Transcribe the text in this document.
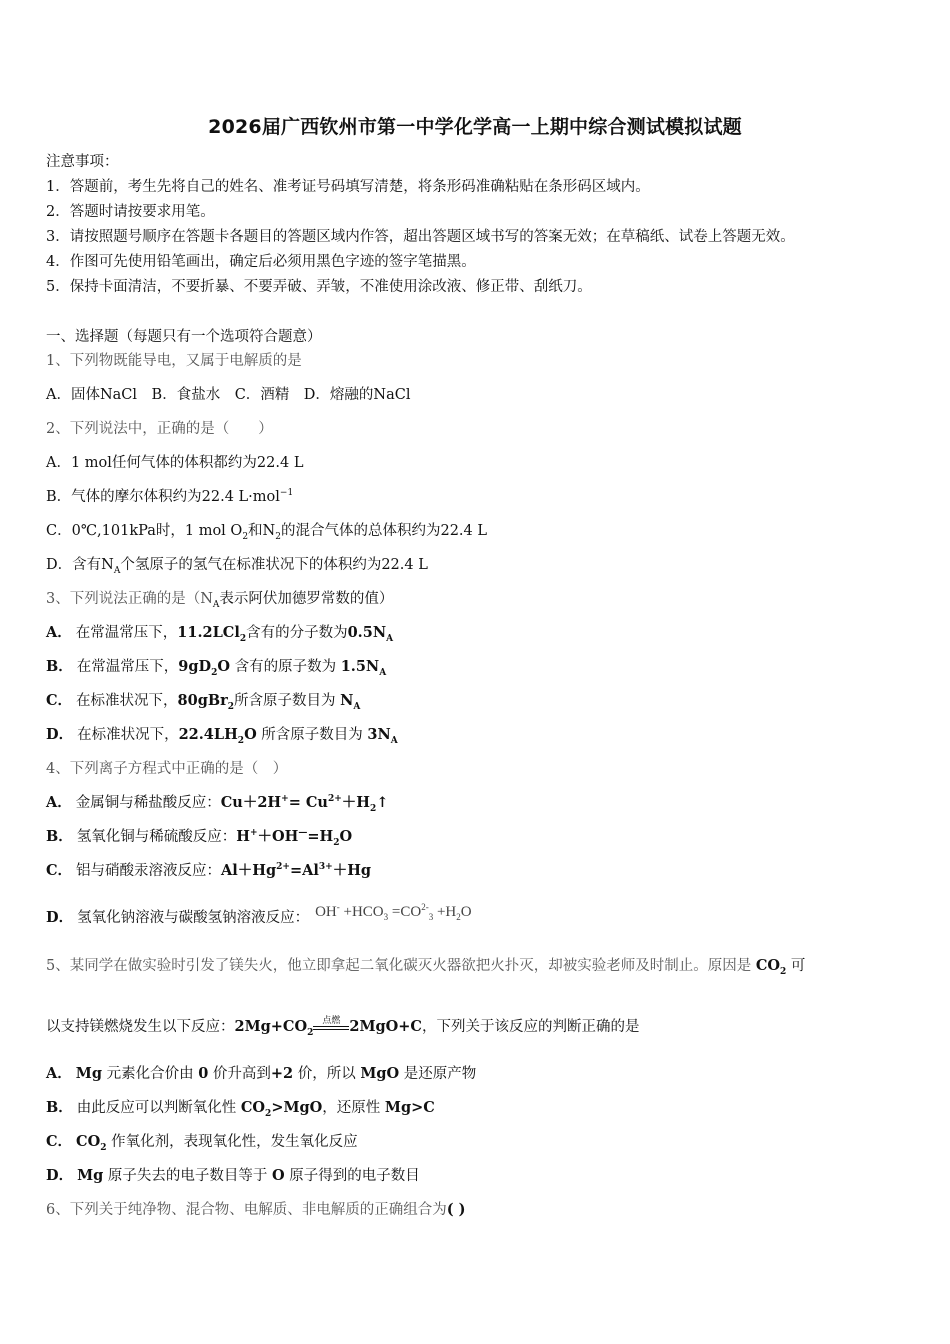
2026届广西钦州市第一中学化学高一上期中综合测试模拟试题
注意事项：
1．答题前，考生先将自己的姓名、准考证号码填写清楚，将条形码准确粘贴在条形码区域内。
2．答题时请按要求用笔。
3．请按照题号顺序在答题卡各题目的答题区域内作答，超出答题区域书写的答案无效；在草稿纸、试卷上答题无效。
4．作图可先使用铅笔画出，确定后必须用黑色字迹的签字笔描黑。
5．保持卡面清洁，不要折暴、不要弄破、弄皱，不准使用涂改液、修正带、刮纸刀。
一、选择题（每题只有一个选项符合题意）
1、下列物既能导电，又属于电解质的是
A．固体NaCl　B．食盐水　C．酒精　D．熔融的NaCl
2、下列说法中，正确的是（　　）
A．1 mol任何气体的体积都约为22.4 L
B．气体的摩尔体积约为22.4 L·mol$^{-1}$
C．0℃,101kPa时，1 mol $O_2$和$N_2$的混合气体的总体积约为22.4 L
D．含有$N_A$个氢原子的氢气在标准状况下的体积约为22.4 L
3、下列说法正确的是（$N_A$表示阿伏加德罗常数的值）
A． 在常温常压下，11.2LCl$_2$含有的分子数为$0.5N_A$
B． 在常温常压下，$9gD_2O$ 含有的原子数为 $1.5N_A$
C． 在标准状况下，80gBr$_2$所含原子数目为 $N_A$
D． 在标准状况下，$22.4LH_2O$ 所含原子数目为 $3N_A$
4、下列离子方程式中正确的是（　）
A． 金属铜与稀盐酸反应：$Cu+2H^+= Cu^{2+}+H_2↑$
B． 氢氧化铜与稀硫酸反应：$H^++OH^—=H_2O$
C． 铝与硝酸汞溶液反应：$Al+Hg^{2+}=Al^{3+}+Hg$
D． 氢氧化钠溶液与碳酸氢钠溶液反应： $OH^- +HCO_3 =CO^{2-}_3 +H_2O$
5、某同学在做实验时引发了镁失火，他立即拿起二氧化碳灭火器欲把火扑灭，却被实验老师及时制止。原因是 $CO_2$ 可
以支持镁燃烧发生以下反应：$2Mg+CO_2$
点燃 2MgO+C，下列关于该反应的判断正确的是
A． Mg 元素化合价由 0 价升高到+2 价，所以 MgO 是还原产物
B． 由此反应可以判断氧化性 $CO_2>MgO$，还原性 Mg>C
C． $CO_2$ 作氧化剂，表现氧化性，发生氧化反应
D． Mg 原子失去的电子数目等于 O 原子得到的电子数目
6、下列关于纯净物、混合物、电解质、非电解质的正确组合为( )
